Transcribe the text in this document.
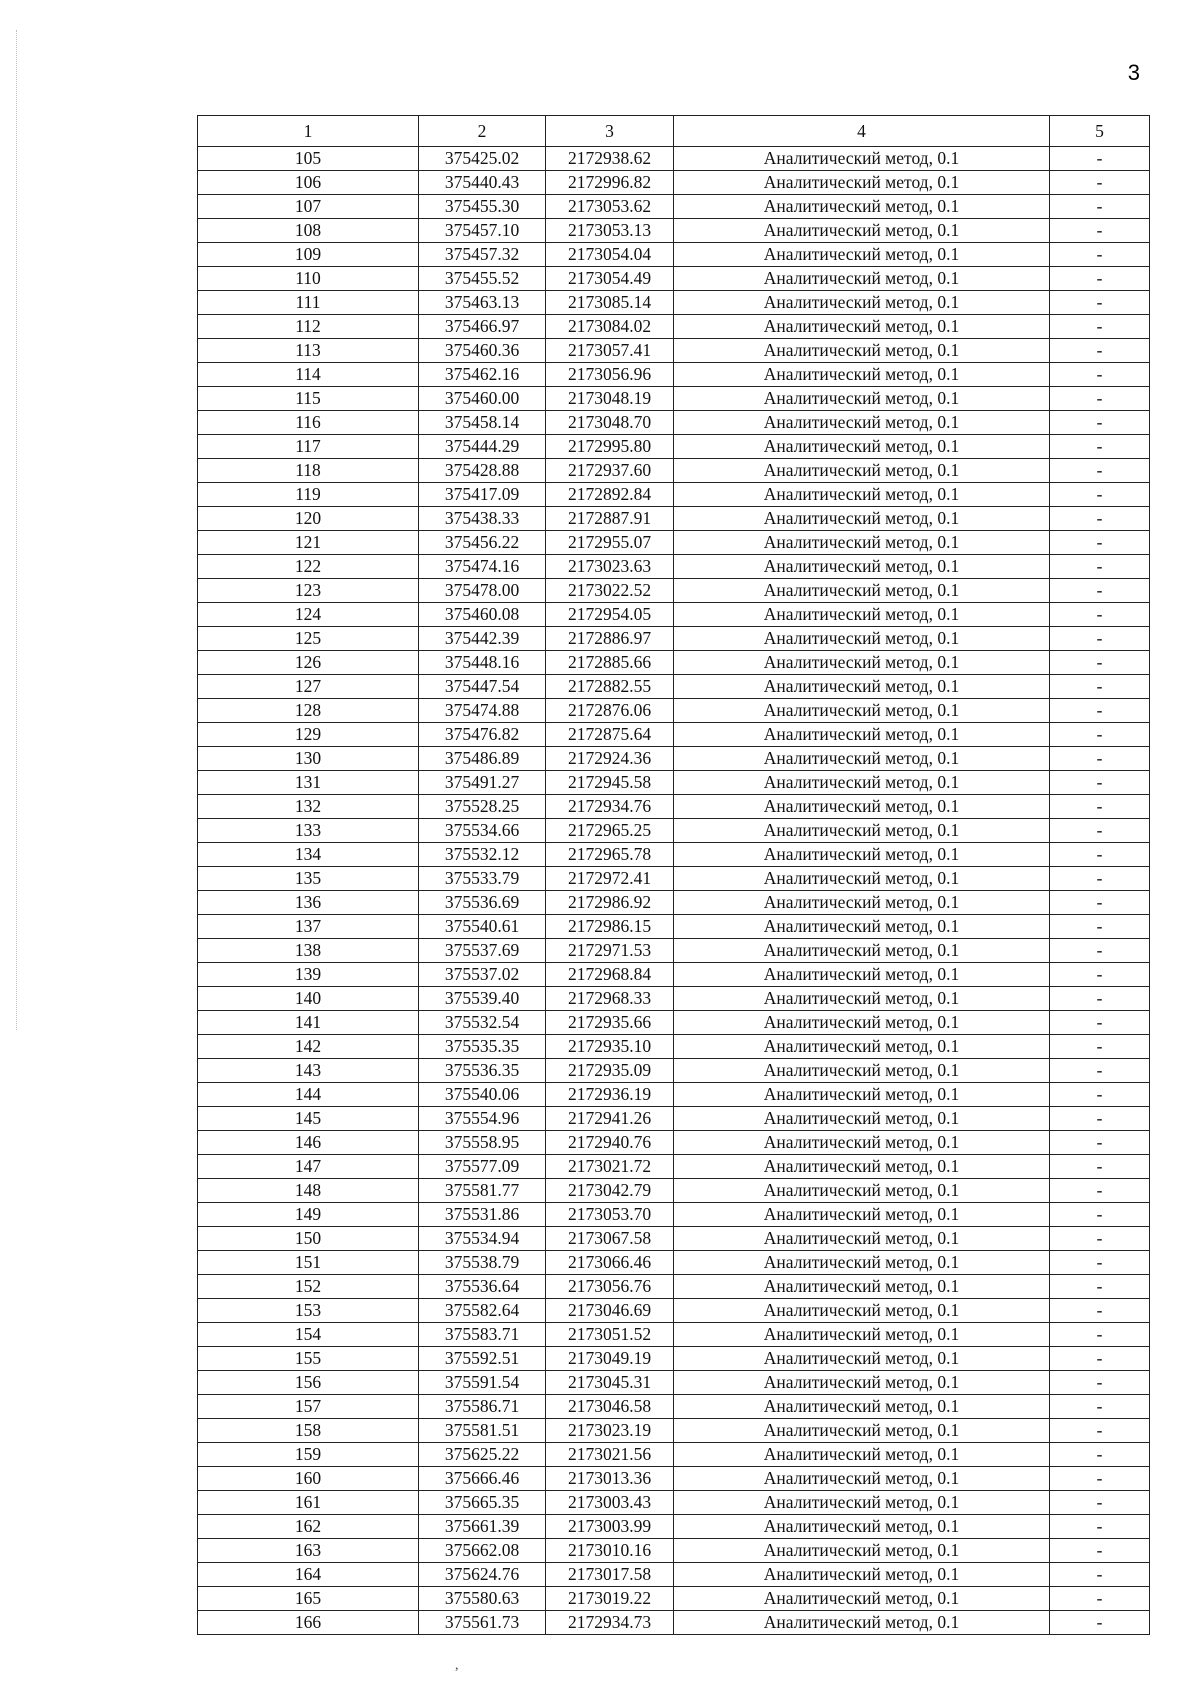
3
1	2	3	4	5
105	375425.02	2172938.62	Аналитический метод, 0.1	-
106	375440.43	2172996.82	Аналитический метод, 0.1	-
107	375455.30	2173053.62	Аналитический метод, 0.1	-
108	375457.10	2173053.13	Аналитический метод, 0.1	-
109	375457.32	2173054.04	Аналитический метод, 0.1	-
110	375455.52	2173054.49	Аналитический метод, 0.1	-
111	375463.13	2173085.14	Аналитический метод, 0.1	-
112	375466.97	2173084.02	Аналитический метод, 0.1	-
113	375460.36	2173057.41	Аналитический метод, 0.1	-
114	375462.16	2173056.96	Аналитический метод, 0.1	-
115	375460.00	2173048.19	Аналитический метод, 0.1	-
116	375458.14	2173048.70	Аналитический метод, 0.1	-
117	375444.29	2172995.80	Аналитический метод, 0.1	-
118	375428.88	2172937.60	Аналитический метод, 0.1	-
119	375417.09	2172892.84	Аналитический метод, 0.1	-
120	375438.33	2172887.91	Аналитический метод, 0.1	-
121	375456.22	2172955.07	Аналитический метод, 0.1	-
122	375474.16	2173023.63	Аналитический метод, 0.1	-
123	375478.00	2173022.52	Аналитический метод, 0.1	-
124	375460.08	2172954.05	Аналитический метод, 0.1	-
125	375442.39	2172886.97	Аналитический метод, 0.1	-
126	375448.16	2172885.66	Аналитический метод, 0.1	-
127	375447.54	2172882.55	Аналитический метод, 0.1	-
128	375474.88	2172876.06	Аналитический метод, 0.1	-
129	375476.82	2172875.64	Аналитический метод, 0.1	-
130	375486.89	2172924.36	Аналитический метод, 0.1	-
131	375491.27	2172945.58	Аналитический метод, 0.1	-
132	375528.25	2172934.76	Аналитический метод, 0.1	-
133	375534.66	2172965.25	Аналитический метод, 0.1	-
134	375532.12	2172965.78	Аналитический метод, 0.1	-
135	375533.79	2172972.41	Аналитический метод, 0.1	-
136	375536.69	2172986.92	Аналитический метод, 0.1	-
137	375540.61	2172986.15	Аналитический метод, 0.1	-
138	375537.69	2172971.53	Аналитический метод, 0.1	-
139	375537.02	2172968.84	Аналитический метод, 0.1	-
140	375539.40	2172968.33	Аналитический метод, 0.1	-
141	375532.54	2172935.66	Аналитический метод, 0.1	-
142	375535.35	2172935.10	Аналитический метод, 0.1	-
143	375536.35	2172935.09	Аналитический метод, 0.1	-
144	375540.06	2172936.19	Аналитический метод, 0.1	-
145	375554.96	2172941.26	Аналитический метод, 0.1	-
146	375558.95	2172940.76	Аналитический метод, 0.1	-
147	375577.09	2173021.72	Аналитический метод, 0.1	-
148	375581.77	2173042.79	Аналитический метод, 0.1	-
149	375531.86	2173053.70	Аналитический метод, 0.1	-
150	375534.94	2173067.58	Аналитический метод, 0.1	-
151	375538.79	2173066.46	Аналитический метод, 0.1	-
152	375536.64	2173056.76	Аналитический метод, 0.1	-
153	375582.64	2173046.69	Аналитический метод, 0.1	-
154	375583.71	2173051.52	Аналитический метод, 0.1	-
155	375592.51	2173049.19	Аналитический метод, 0.1	-
156	375591.54	2173045.31	Аналитический метод, 0.1	-
157	375586.71	2173046.58	Аналитический метод, 0.1	-
158	375581.51	2173023.19	Аналитический метод, 0.1	-
159	375625.22	2173021.56	Аналитический метод, 0.1	-
160	375666.46	2173013.36	Аналитический метод, 0.1	-
161	375665.35	2173003.43	Аналитический метод, 0.1	-
162	375661.39	2173003.99	Аналитический метод, 0.1	-
163	375662.08	2173010.16	Аналитический метод, 0.1	-
164	375624.76	2173017.58	Аналитический метод, 0.1	-
165	375580.63	2173019.22	Аналитический метод, 0.1	-
166	375561.73	2172934.73	Аналитический метод, 0.1	-
,
